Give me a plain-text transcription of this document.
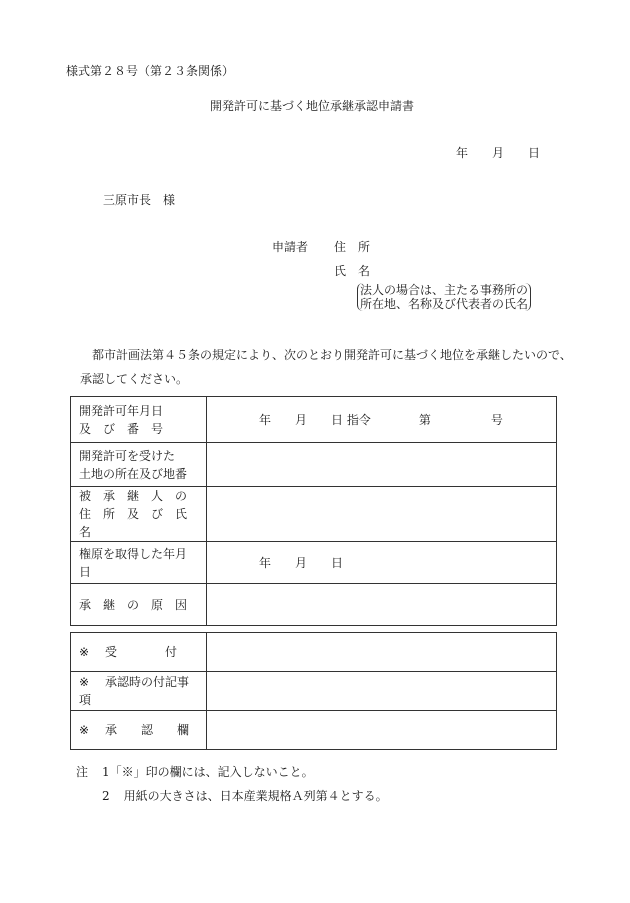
様式第２８号（第２３条関係）
開発許可に基づく地位承継承認申請書
年　　月　　日
三原市長　様
申請者 住　所
氏　名
法人の場合は、主たる事務所の
所在地、名称及び代表者の氏名
都市計画法第４５条の規定により、次のとおり開発許可に基づく地位を承継したいので、
承認してください。
開発許可年月日
及　び　番　号	年　　月　　日 指令　　　　第　　　　　号

開発許可を受けた
土地の所在及び地番	

被　承　継　人　の
住　所　及　び　氏　名	

権原を取得した年月日	年　　月　　日

承　継　の　原　因	

※ 受　　　　付	
※ 承認時の付記事項	
※ 承　　認　　欄	
注 1「※」印の欄には、記入しないこと。
2 用紙の大きさは、日本産業規格Ａ列第４とする。
